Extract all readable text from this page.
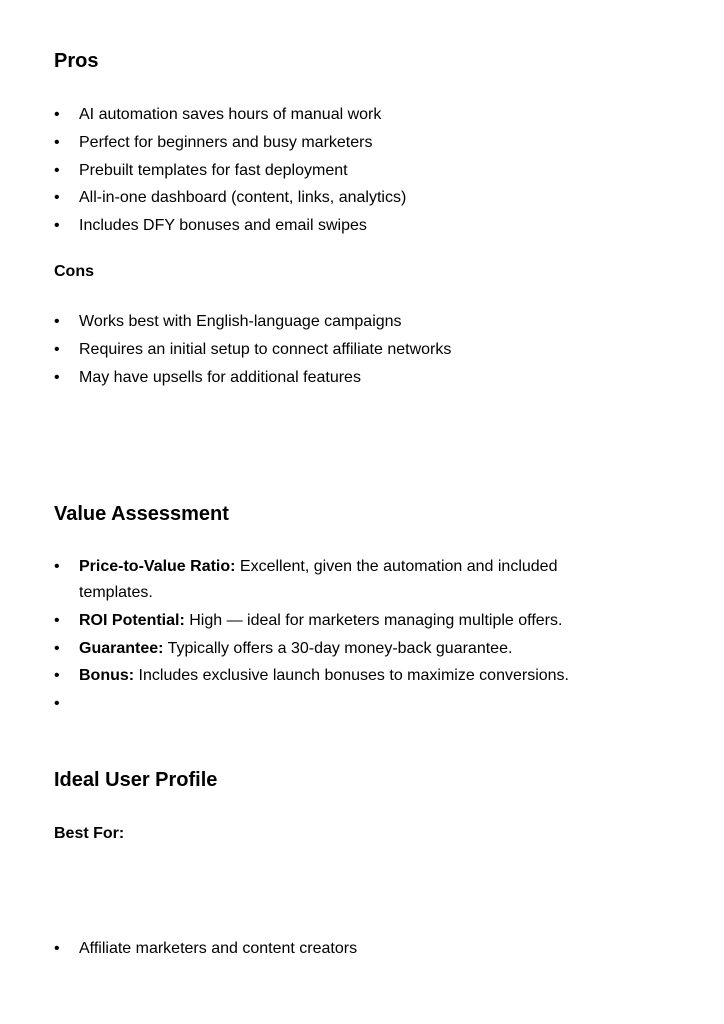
Pros
• AI automation saves hours of manual work
• Perfect for beginners and busy marketers
• Prebuilt templates for fast deployment
• All-in-one dashboard (content, links, analytics)
• Includes DFY bonuses and email swipes
Cons
• Works best with English-language campaigns
• Requires an initial setup to connect affiliate networks
• May have upsells for additional features
Value Assessment
• Price-to-Value Ratio: Excellent, given the automation and included templates.
• ROI Potential: High — ideal for marketers managing multiple offers.
• Guarantee: Typically offers a 30-day money-back guarantee.
• Bonus: Includes exclusive launch bonuses to maximize conversions.
•
Ideal User Profile
Best For:
• Affiliate marketers and content creators
